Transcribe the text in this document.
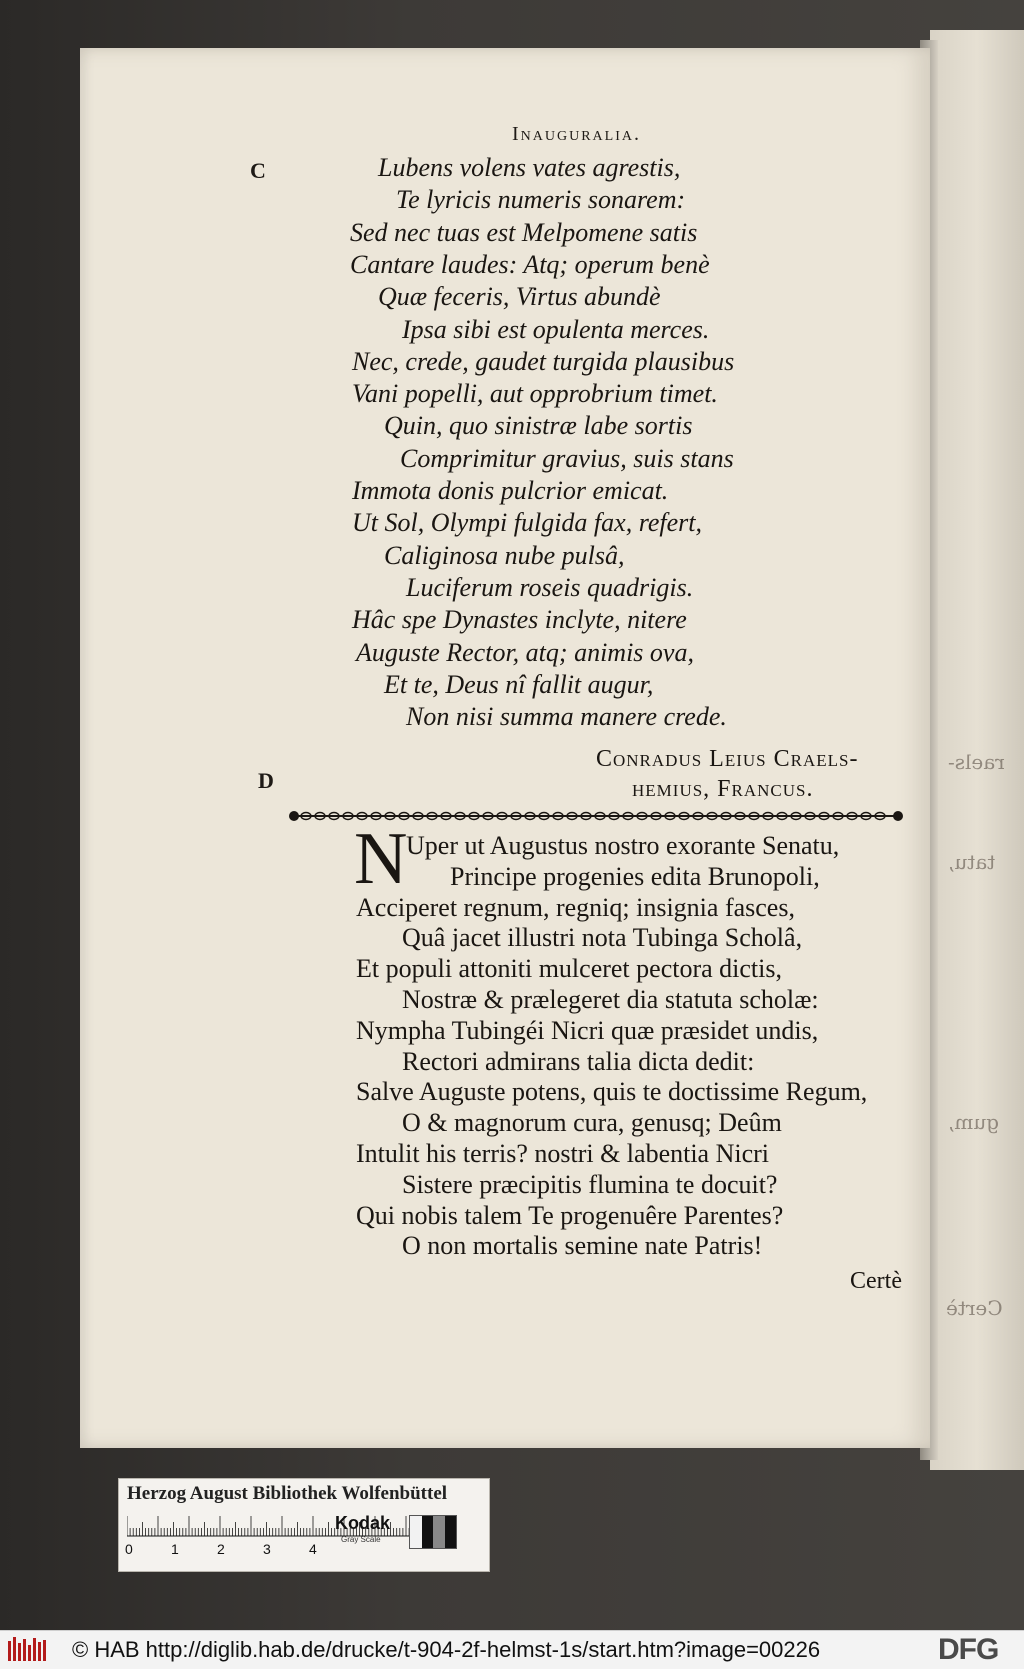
raels-
tatu,
gum,
Certè
Inauguralia.
C
D
Lubens volens vates agrestis,
Te lyricis numeris sonarem:
Sed nec tuas est Melpomene satis
Cantare laudes: Atq; operum benè
Quæ feceris, Virtus abundè
Ipsa sibi est opulenta merces.
Nec, crede, gaudet turgida plausibus
Vani popelli, aut opprobrium timet.
Quin, quo sinistræ labe sortis
Comprimitur gravius, suis stans
Immota donis pulcrior emicat.
Ut Sol, Olympi fulgida fax, refert,
Caliginosa nube pulsâ,
Luciferum roseis quadrigis.
Hâc spe Dynastes inclyte, nitere
Auguste Rector, atq; animis ova,
Et te, Deus nî fallit augur,
Non nisi summa manere crede.
Conradus Leius Craels-
hemius, Francus.
N
Uper ut Augustus nostro exorante Senatu,
Principe progenies edita Brunopoli,
Acciperet regnum, regniq; insignia fasces,
Quâ jacet illustri nota Tubinga Scholâ,
Et populi attoniti mulceret pectora dictis,
Nostræ & prælegeret dia statuta scholæ:
Nympha Tubingéi Nicri quæ præsidet undis,
Rectori admirans talia dicta dedit:
Salve Auguste potens, quis te doctissime Regum,
O & magnorum cura, genusq; Deûm
Intulit his terris? nostri & labentia Nicri
Sistere præcipitis flumina te docuit?
Qui nobis talem Te progenuêre Parentes?
O non mortalis semine nate Patris!
Certè
Herzog August Bibliothek Wolfenbüttel
0	1	2	3	4
Kodak
Gray Scale
© HAB http://diglib.hab.de/drucke/t-904-2f-helmst-1s/start.htm?image=00226	DFG
